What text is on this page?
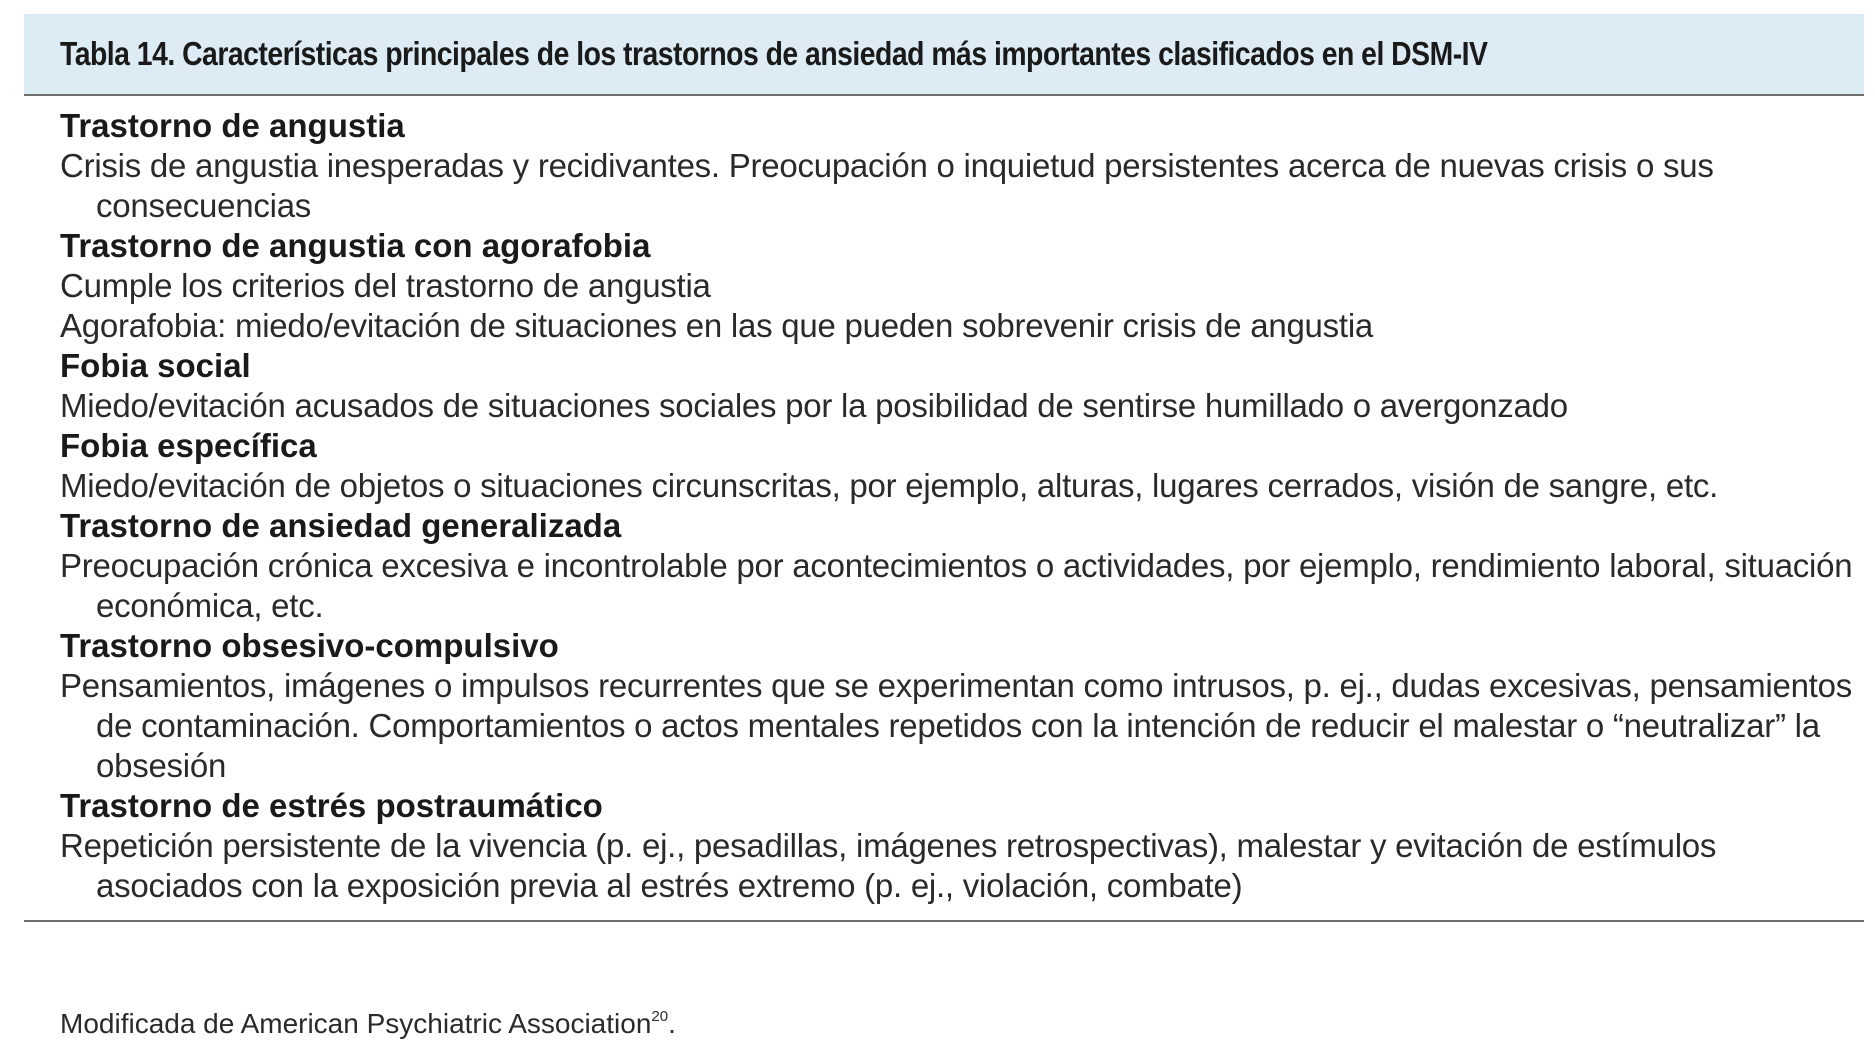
Tabla 14. Características principales de los trastornos de ansiedad más importantes clasificados en el DSM-IV

Trastorno de angustia

Crisis de angustia inesperadas y recidivantes. Preocupación o inquietud persistentes acerca de nuevas crisis o sus consecuencias

Trastorno de angustia con agorafobia

Cumple los criterios del trastorno de angustia

Agorafobia: miedo/evitación de situaciones en las que pueden sobrevenir crisis de angustia

Fobia social

Miedo/evitación acusados de situaciones sociales por la posibilidad de sentirse humillado o avergonzado

Fobia específica

Miedo/evitación de objetos o situaciones circunscritas, por ejemplo, alturas, lugares cerrados, visión de sangre, etc.

Trastorno de ansiedad generalizada

Preocupación crónica excesiva e incontrolable por acontecimientos o actividades, por ejemplo, rendimiento laboral, situación económica, etc.

Trastorno obsesivo-compulsivo

Pensamientos, imágenes o impulsos recurrentes que se experimentan como intrusos, p. ej., dudas excesivas, pensamientos de contaminación. Comportamientos o actos mentales repetidos con la intención de reducir el malestar o “neutralizar” la obsesión

Trastorno de estrés postraumático

Repetición persistente de la vivencia (p. ej., pesadillas, imágenes retrospectivas), malestar y evitación de estímulos asociados con la exposición previa al estrés extremo (p. ej., violación, combate)

Modificada de American Psychiatric Association$^{20}$.
